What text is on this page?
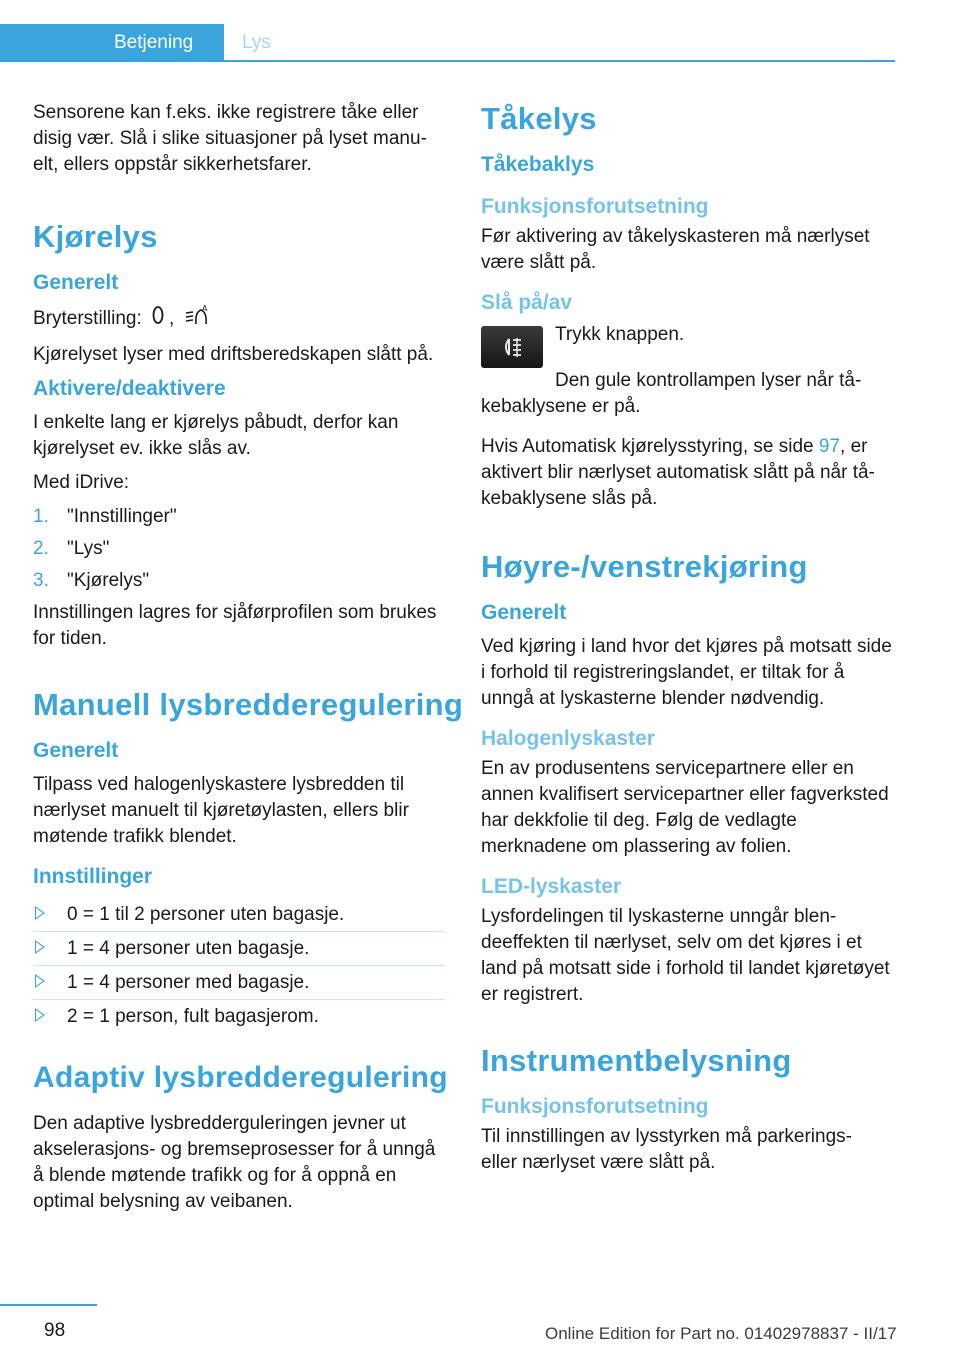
Betjening	Lys

Sensorene kan f.eks. ikke registrere tåke eller disig vær. Slå i slike situasjoner på lyset manuelt, ellers oppstår sikkerhetsfarer.

Kjørelys
Generelt

Bryterstilling: ,	A

Kjørelyset lyser med driftsberedskapen slått på.

Aktivere/deaktivere

I enkelte lang er kjørelys påbudt, derfor kan kjørelyset ev. ikke slås av.

Med iDrive:

1. "Innstillinger"
2. "Lys"
3. "Kjørelys"

Innstillingen lagres for sjåførprofilen som brukes for tiden.

Manuell lysbredderegulering
Generelt

Tilpass ved halogenlyskastere lysbredden til nærlyset manuelt til kjøretøylasten, ellers blir møtende trafikk blendet.

Innstillinger
0 = 1 til 2 personer uten bagasje.
1 = 4 personer uten bagasje.
1 = 4 personer med bagasje.
2 = 1 person, fult bagasjerom.
Adaptiv lysbredderegulering

Den adaptive lysbredderguleringen jevner ut akselerasjons- og bremseprosesser for å unngå å blende møtende trafikk og for å oppnå en optimal belysning av veibanen.

Tåkelys
Tåkebaklys
Funksjonsforutsetning

Før aktivering av tåkelyskasteren må nærlyset være slått på.

Slå på/av

Trykk knappen.

Den gule kontrollampen lyser når tåkebaklysene er på.

Hvis Automatisk kjørelysstyring, se side 97, er aktivert blir nærlyset automatisk slått på når tåkebaklysene slås på.

Høyre-/venstrekjøring
Generelt

Ved kjøring i land hvor det kjøres på motsatt side i forhold til registreringslandet, er tiltak for å unngå at lyskasterne blender nødvendig.

Halogenlyskaster

En av produsentens servicepartnere eller en annen kvalifisert servicepartner eller fagverksted har dekkfolie til deg. Følg de vedlagte merknadene om plassering av folien.

LED-lyskaster

Lysfordelingen til lyskasterne unngår blendeeffekten til nærlyset, selv om det kjøres i et land på motsatt side i forhold til landet kjøretøyet er registrert.

Instrumentbelysning
Funksjonsforutsetning

Til innstillingen av lysstyrken må parkerings- eller nærlyset være slått på.

98	Online Edition for Part no. 01402978837 - II/17
